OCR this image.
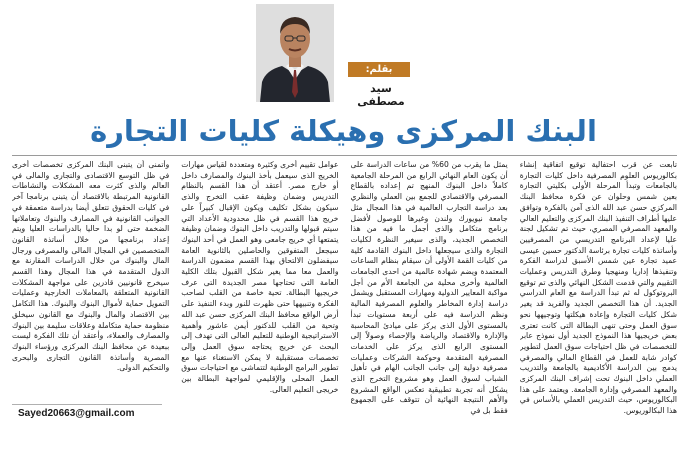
بقلم:
سيد مصطفى
البنك المركزى وهيكلة كليات التجارة

تابعت عن قرب احتفالية توقيع اتفاقية إنشاء بكالوريوس العلوم المصرفية داخل كليات التجارة بالجامعات وتبدأ المرحلة الأولى بكليتي التجارة بعين شمس وحلوان عن فكرة محافظ البنك المركزي حسن عبد الله الذى آمن بالفكرة وتوافق عليها أطراف التنفيذ البنك المركزى والتعليم العالي والمعهد المصرفي المصري، حيث تم تشكيل لجنة عليا لإعداد البرنامج التدريسي من المصرفيين وأساتذة كليات تجارة برئاسة الدكتور حسين عيسى عميد تجارة عين شمس الأسبق لدراسة الفكرة وتنفيذها إداريا ومنهجيا وطرق التدريس وعمليات التقييم والتي قدمت الشكل النهائي والذى تم توقيع البروتوكول له ثم تبدأ الدراسة مع العام الدراسي الجديد. أن هذا التخصص الجديد والفريد قد يغير شكل كليات التجارة وإعادة هيكلتها وتوجيهها نحو سوق العمل وحتى تنهى البطالة التى كانت تعترى بعض خريجيها هذا النموذج الجديد أول نموذج عابر للتخصصات في ظل احتياجات سوق العمل لتطوير كوادر شابة للعمل في القطاع المالي والمصرفي يدمج بين الدراسة الأكاديمية بالجامعة والتدريب العملي داخل البنوك تحت إشراف البنك المركزى والمعهد المصرفي وإدارة الجامعة. ويعتمد على هذا البكالوريوس، حيث التدريس العملي بالأساس في هذا البكالوريوس.

يمثل ما يقرب من 60% من ساعات الدراسة على أن يكون العام النهائي الرابع من المرحلة الجامعية كاملاً داخل البنوك المنهج تم إعداده بالقطاع المصرفي والاقتصادي للجمع بين العملي والنظري بعد دراسة التجارب العالمية في هذا المجال مثل جامعة نيويورك ولندن وغيرها للوصول لأفضل برنامج متكامل والذى أجمل ما فيه من هذا التخصص الجديد، والذى سيغير النظرة لكليات التجارة والذى سيجعلها داخل البنوك القادمة كلية من كليات القمة الأولى أن سيقام بنظام الساعات المعتمدة ويضم شهادة عالمية من احدى الجامعات العالمية وأخرى محلية من الجامعة الأم من أجل مواكبة المعايير الدولية ومهارات المستقبل ويشمل دراسة إدارة المخاطر والعلوم المصرفية المالية ونظم الدراسة فيه على أربعة مستويات تبدأ بالمستوى الأول الذى يركز على ميادئ المحاسبة والإدارة والاقتصاد والرياضة والإحصاء وصولاً إلى المستوى الرابع الذى يركز على الخدمات المصرفية المتقدمة وحوكمة الشركات وعمليات مصرفية دولية إلى جانب الجانب الهام في تأهيل الشباب لسوق العمل وهو مشروع التخرج الذى يشكل أنه تجربة تطبيقية تعكس الواقع المشروع والأهم النتيجة النهائية أن تتوقف على الجمهوع فقط بل في

عوامل تقييم أخرى وكثيرة ومتعددة لقياس مهارات الخريج الذى سيعمل بأخذ البنوك والمصارف داخل أو خارج مصر. أعتقد أن هذا القسم بالنظام التدريس وضمان وظيفة عقب التخرج والذى سيكون بشكل تكليف ويكون الإقبال كبيراً على خريج هذا القسم في ظل محدودية الأعداد التي سيتم قبولها والتدريب داخل البنوك وضمان وظيفة يتمتعها أي خريج جامعى وهو العمل في أحد البنوك سيجعل المتفوقين والحاصلين بالثانوية العامة سيفضلون الالتحاق بهذا القسم مضمون الدراسة والعمل معا مما يغير شكل القبول بتلك الكلية العامة التى تحتاجها مصر الجديدة التى عرف خريجيها البطالة. تحية خاصة من القلب لصاحب الفكرة وتنبيهها حتى ظهرت للنور وبدء التنفيذ على أرض الواقع محافظ البنك المركزى حسن عبد الله وتحية من القلب للدكتور أيمن عاشور وأهمية الاستراتيجية الوطنية للتعليم العالى التى تهدف إلى البحث عن خريج يحتاجه سوق العمل وإلى تخصصات مستقبلية لا يمكن الاستغناء عنها مع تطوير البرامج الوطنية لتتماشى مع احتياجات سوق العمل المحلى والإقليمي لمواجهة البطالة بين خريجى التعليم العالى.

وأتمنى أن يتبنى البنك المركزى تخصصات أخرى في ظل التوسع الاقتصادى والتجارى والمالى في العالم والذى كثرت معه المشكلات والنشاطات القانونية المرتبطة بالاقتصاد أن يتبنى برنامجا آخر في كليات الحقوق تتعلق أيضا بدراسة متعمقة في الجوانب القانونية في المصارف والبنوك وتعاملاتها الضخمة حتى لو بدا حاليا بالدراسات العليا ويتم إعداد برنامجها من خلال أساتذة القانون المتخصصين في المجال المالى والمصرفى ورجال المال والبنوك من خلال الدراسات المقارنة مع الدول المتقدمة في هذا المجال وهذا القسم سيخرج قانونيين قادرين على مواجهة المشكلات القانونية المتعلقة بالمعاملات الخارجية وعمليات التمويل حماية لأموال البنوك والبنوك. هذا التكامل بين الاقتصاد والمال والبنوك مع القانون سيخلق منظومة حماية متكاملة وعلاقات سليمة بين البنوك والمصارف والعملاء، وأعتقد أن تلك الفكرة ليست ببعيدة عن محافظ البنك المركزى ورؤساء البنوك المصرية وأساتذة القانون التجارى والبحرى والتحكيم الدولى.

Sayed20663@gmail.com
